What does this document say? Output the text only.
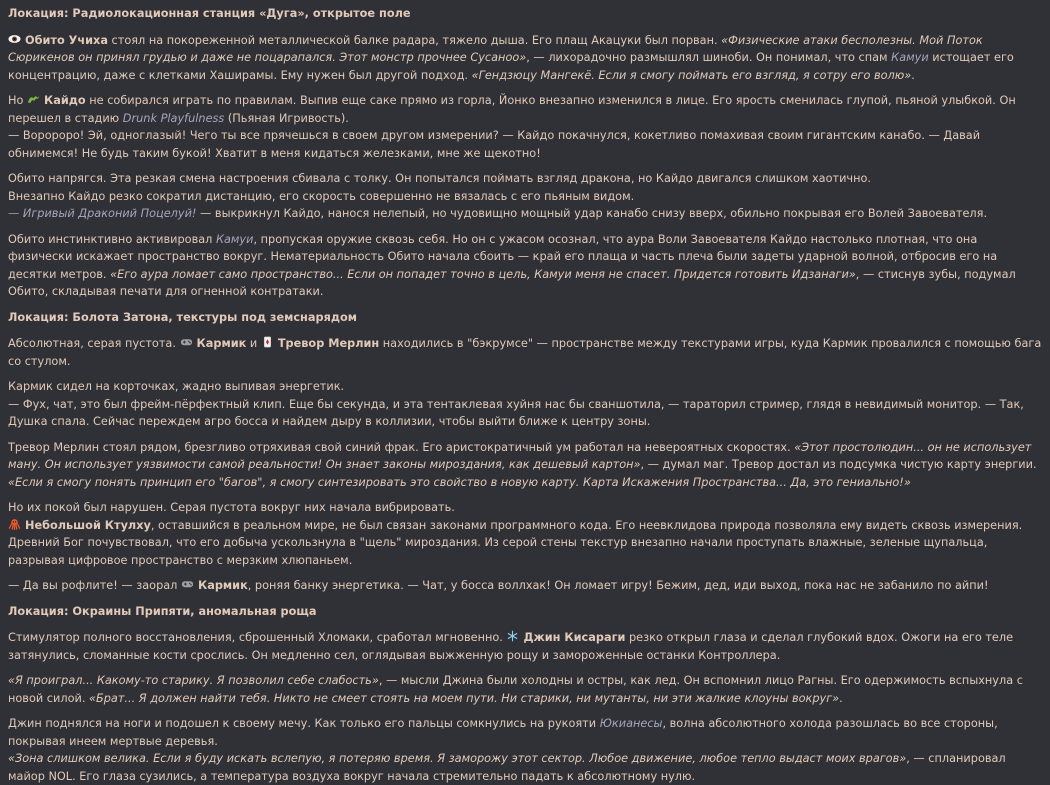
Локация: Радиолокационная станция «Дуга», открытое поле

Обито Учиха стоял на покореженной металлической балке радара, тяжело дыша. Его плащ Акацуки был порван. «Физические атаки бесполезны. Мой Поток Сюрикенов он принял грудью и даже не поцарапался. Этот монстр прочнее Сусаноо», — лихорадочно размышлял шиноби. Он понимал, что спам Камуи истощает его концентрацию, даже с клетками Хаширамы. Ему нужен был другой подход. «Гендзюцу Мангекё. Если я смогу поймать его взгляд, я сотру его волю».

Но Кайдо не собирался играть по правилам. Выпив еще саке прямо из горла, Йонко внезапно изменился в лице. Его ярость сменилась глупой, пьяной улыбкой. Он перешел в стадию Drunk Playfulness (Пьяная Игривость).
— Воророрo! Эй, одноглазый! Чего ты все прячешься в своем другом измерении? — Кайдо покачнулся, кокетливо помахивая своим гигантским канабо. — Давай обнимемся! Не будь таким букой! Хватит в меня кидаться железками, мне же щекотно!

Обито напрягся. Эта резкая смена настроения сбивала с толку. Он попытался поймать взгляд дракона, но Кайдо двигался слишком хаотично.
Внезапно Кайдо резко сократил дистанцию, его скорость совершенно не вязалась с его пьяным видом.
— Игривый Драконий Поцелуй! — выкрикнул Кайдо, нанося нелепый, но чудовищно мощный удар канабо снизу вверх, обильно покрывая его Волей Завоевателя.

Обито инстинктивно активировал Камуи, пропуская оружие сквозь себя. Но он с ужасом осознал, что аура Воли Завоевателя Кайдо настолько плотная, что она физически искажает пространство вокруг. Нематериальность Обито начала сбоить — край его плаща и часть плеча были задеты ударной волной, отбросив его на десятки метров. «Его аура ломает само пространство... Если он попадет точно в цель, Камуи меня не спасет. Придется готовить Идзанаги», — стиснув зубы, подумал Обито, складывая печати для огненной контратаки.

Локация: Болота Затона, текстуры под земснарядом

Абсолютная, серая пустота. Кармик и Тревор Мерлин находились в "бэкрумсе" — пространстве между текстурами игры, куда Кармик провалился с помощью бага со стулом.

Кармик сидел на корточках, жадно выпивая энергетик.
— Фух, чат, это был фрейм-пёрфектный клип. Еще бы секунда, и эта тентаклевая хуйня нас бы сваншотила, — тараторил стример, глядя в невидимый монитор. — Так, Душка спала. Сейчас переждем агро босса и найдем дыру в коллизии, чтобы выйти ближе к центру зоны.

Тревор Мерлин стоял рядом, брезгливо отряхивая свой синий фрак. Его аристократичный ум работал на невероятных скоростях. «Этот простолюдин... он не использует ману. Он использует уязвимости самой реальности! Он знает законы мироздания, как дешевый картон», — думал маг. Тревор достал из подсумка чистую карту энергии. «Если я смогу понять принцип его "багов", я смогу синтезировать это свойство в новую карту. Карта Искажения Пространства... Да, это гениально!»

Но их покой был нарушен. Серая пустота вокруг них начала вибрировать.
Небольшой Ктулху, оставшийся в реальном мире, не был связан законами программного кода. Его неевклидова природа позволяла ему видеть сквозь измерения. Древний Бог почувствовал, что его добыча ускользнула в "щель" мироздания. Из серой стены текстур внезапно начали проступать влажные, зеленые щупальца, разрывая цифровое пространство с мерзким хлюпаньем.

— Да вы рофлите! — заорал Кармик, роняя банку энергетика. — Чат, у босса воллхак! Он ломает игру! Бежим, дед, иди выход, пока нас не забанило по айпи!

Локация: Окраины Припяти, аномальная роща

Стимулятор полного восстановления, сброшенный Хломаки, сработал мгновенно. Джин Кисараги резко открыл глаза и сделал глубокий вдох. Ожоги на его теле затянулись, сломанные кости срослись. Он медленно сел, оглядывая выжженную рощу и замороженные останки Контроллера.

«Я проиграл... Какому-то старику. Я позволил себе слабость», — мысли Джина были холодны и остры, как лед. Он вспомнил лицо Рагны. Его одержимость вспыхнула с новой силой. «Брат... Я должен найти тебя. Никто не смеет стоять на моем пути. Ни старики, ни мутанты, ни эти жалкие клоуны вокруг».

Джин поднялся на ноги и подошел к своему мечу. Как только его пальцы сомкнулись на рукояти Юкианесы, волна абсолютного холода разошлась во все стороны, покрывая инеем мертвые деревья.
«Зона слишком велика. Если я буду искать вслепую, я потеряю время. Я заморожу этот сектор. Любое движение, любое тепло выдаст моих врагов», — спланировал майор NOL. Его глаза сузились, а температура воздуха вокруг начала стремительно падать к абсолютному нулю.
